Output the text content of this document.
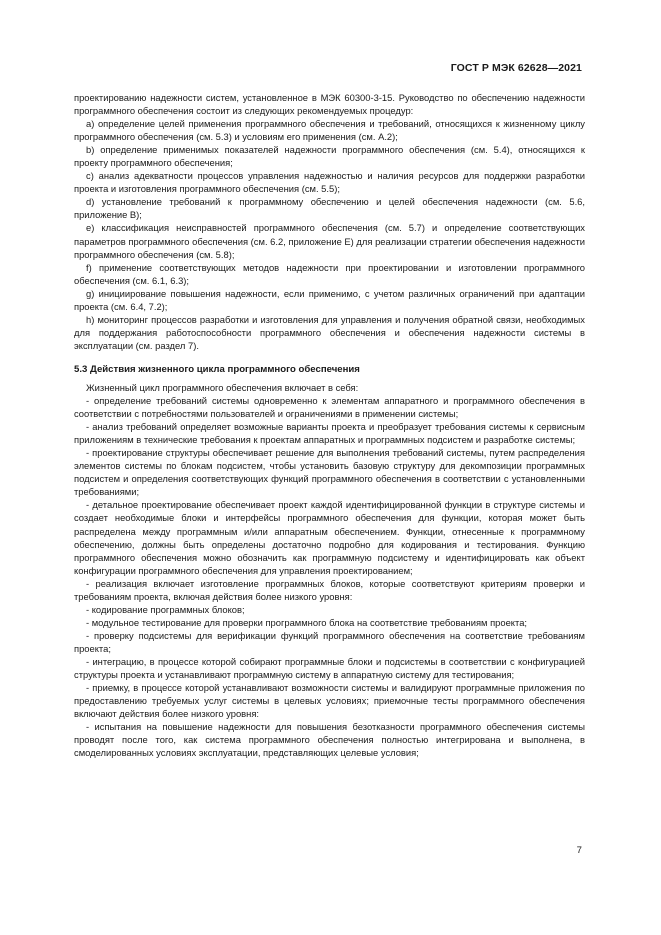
ГОСТ Р МЭК 62628—2021

проектированию надежности систем, установленное в МЭК 60300-3-15. Руководство по обеспечению надежности программного обеспечения состоит из следующих рекомендуемых процедур:

a) определение целей применения программного обеспечения и требований, относящихся к жизненному циклу программного обеспечения (см. 5.3) и условиям его применения (см. А.2);

b) определение применимых показателей надежности программного обеспечения (см. 5.4), относящихся к проекту программного обеспечения;

c) анализ адекватности процессов управления надежностью и наличия ресурсов для поддержки разработки проекта и изготовления программного обеспечения (см. 5.5);

d) установление требований к программному обеспечению и целей обеспечения надежности (см. 5.6, приложение В);

e) классификация неисправностей программного обеспечения (см. 5.7) и определение соответствующих параметров программного обеспечения (см. 6.2, приложение Е) для реализации стратегии обеспечения надежности программного обеспечения (см. 5.8);

f) применение соответствующих методов надежности при проектировании и изготовлении программного обеспечения (см. 6.1, 6.3);

g) инициирование повышения надежности, если применимо, с учетом различных ограничений при адаптации проекта (см. 6.4, 7.2);

h) мониторинг процессов разработки и изготовления для управления и получения обратной связи, необходимых для поддержания работоспособности программного обеспечения и обеспечения надежности системы в эксплуатации (см. раздел 7).

5.3 Действия жизненного цикла программного обеспечения

Жизненный цикл программного обеспечения включает в себя:

- определение требований системы одновременно к элементам аппаратного и программного обеспечения в соответствии с потребностями пользователей и ограничениями в применении системы;

- анализ требований определяет возможные варианты проекта и преобразует требования системы к сервисным приложениям в технические требования к проектам аппаратных и программных подсистем и разработке системы;

- проектирование структуры обеспечивает решение для выполнения требований системы, путем распределения элементов системы по блокам подсистем, чтобы установить базовую структуру для декомпозиции программных подсистем и определения соответствующих функций программного обеспечения в соответствии с установленными требованиями;

- детальное проектирование обеспечивает проект каждой идентифицированной функции в структуре системы и создает необходимые блоки и интерфейсы программного обеспечения для функции, которая может быть распределена между программным и/или аппаратным обеспечением. Функции, отнесенные к программному обеспечению, должны быть определены достаточно подробно для кодирования и тестирования. Функцию программного обеспечения можно обозначить как программную подсистему и идентифицировать как объект конфигурации программного обеспечения для управления проектированием;

- реализация включает изготовление программных блоков, которые соответствуют критериям проверки и требованиям проекта, включая действия более низкого уровня:

- кодирование программных блоков;

- модульное тестирование для проверки программного блока на соответствие требованиям проекта;

- проверку подсистемы для верификации функций программного обеспечения на соответствие требованиям проекта;

- интеграцию, в процессе которой собирают программные блоки и подсистемы в соответствии с конфигурацией структуры проекта и устанавливают программную систему в аппаратную систему для тестирования;

- приемку, в процессе которой устанавливают возможности системы и валидируют программные приложения по предоставлению требуемых услуг системы в целевых условиях; приемочные тесты программного обеспечения включают действия более низкого уровня:

- испытания на повышение надежности для повышения безотказности программного обеспечения системы проводят после того, как система программного обеспечения полностью интегрирована и выполнена, в смоделированных условиях эксплуатации, представляющих целевые условия;

7
